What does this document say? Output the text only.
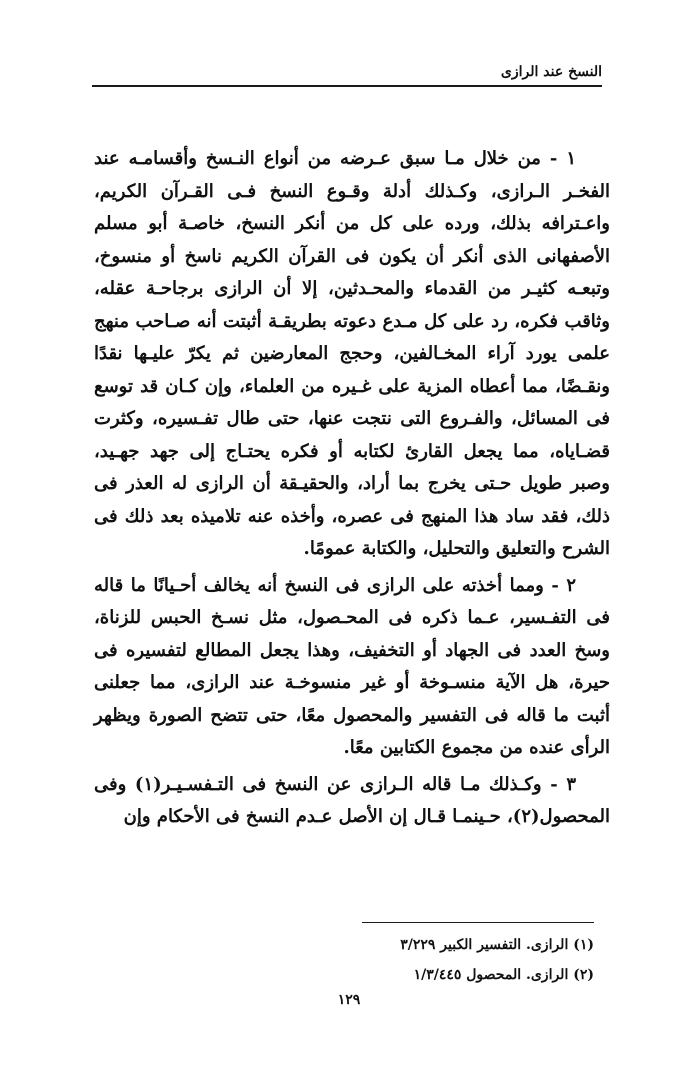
النسخ عند الرازى

١ - من خلال مـا سبق عـرضه من أنواع النـسخ وأقسامـه عند الفخـر الـرازى، وكـذلك أدلة وقـوع النسخ فـى القـرآن الكريم، واعـترافه بذلك، ورده على كل من أنكر النسخ، خاصـة أبو مسلم الأصفهانى الذى أنكر أن يكون فى القرآن الكريم ناسخ أو منسوخ، وتبعـه كثيـر من القدماء والمحـدثين، إلا أن الرازى برجاحـة عقله، وثاقب فكره، رد على كل مـدع دعوته بطريقـة أثبتت أنه صـاحب منهج علمى يورد آراء المخـالفين، وحجج المعارضين ثم يكرّ عليـها نقدًا ونقـضًا، مما أعطاه المزية على غـيره من العلماء، وإن كـان قد توسع فى المسائل، والفـروع التى نتجت عنها، حتى طال تفـسيره، وكثرت قضـاياه، مما يجعل القارئ لكتابه أو فكره يحتـاج إلى جهد جهـيد، وصبر طويل حـتى يخرج بما أراد، والحقيـقة أن الرازى له العذر فى ذلك، فقد ساد هذا المنهج فى عصره، وأخذه عنه تلاميذه بعد ذلك فى الشرح والتعليق والتحليل، والكتابة عمومًا.

٢ - ومما أخذته على الرازى فى النسخ أنه يخالف أحـيانًا ما قاله فى التفـسير، عـما ذكره فى المحـصول، مثل نسـخ الحبس للزناة، وسخ العدد فى الجهاد أو التخفيف، وهذا يجعل المطالع لتفسيره فى حيرة، هل الآية منسـوخة أو غير منسوخـة عند الرازى، مما جعلنى أثبت ما قاله فى التفسير والمحصول معًا، حتى تتضح الصورة ويظهر الرأى عنده من مجموع الكتابين معًا.

٣ - وكـذلك مـا قاله الـرازى عن النسخ فى التـفسـيـر(١) وفى المحصول(٢)، حـينمـا قـال إن الأصل عـدم النسخ فى الأحكام وإن

(١) الرازى. التفسير الكبير ٣/٢٢٩
(٢) الرازى. المحصول ١/٣/٤٤٥
١٢٩
